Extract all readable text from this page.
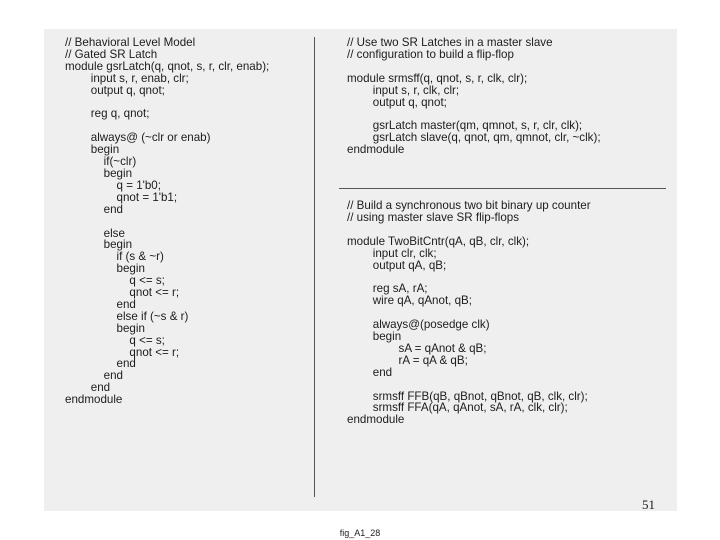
// Behavioral Level Model
// Gated SR Latch
module gsrLatch(q, qnot, s, r, clr, enab);
input s, r, enab, clr;
output q, qnot;

reg q, qnot;

always@ (~clr or enab)
begin
if(~clr)
begin
q = 1'b0;
qnot = 1'b1;
end

else
begin
if (s & ~r)
begin
q <= s;
qnot <= r;
end
else if (~s & r)
begin
q <= s;
qnot <= r;
end
end
end
endmodule
// Use two SR Latches in a master slave
// configuration to build a flip-flop

module srmsff(q, qnot, s, r, clk, clr);
input s, r, clk, clr;
output q, qnot;

gsrLatch master(qm, qmnot, s, r, clr, clk);
gsrLatch slave(q, qnot, qm, qmnot, clr, ~clk);
endmodule
// Build a synchronous two bit binary up counter
// using master slave SR flip-flops

module TwoBitCntr(qA, qB, clr, clk);
input clr, clk;
output qA, qB;

reg sA, rA;
wire qA, qAnot, qB;

always@(posedge clk)
begin
sA = qAnot & qB;
rA = qA & qB;
end

srmsff FFB(qB, qBnot, qBnot, qB, clk, clr);
srmsff FFA(qA, qAnot, sA, rA, clk, clr);
endmodule
51
fig_A1_28
